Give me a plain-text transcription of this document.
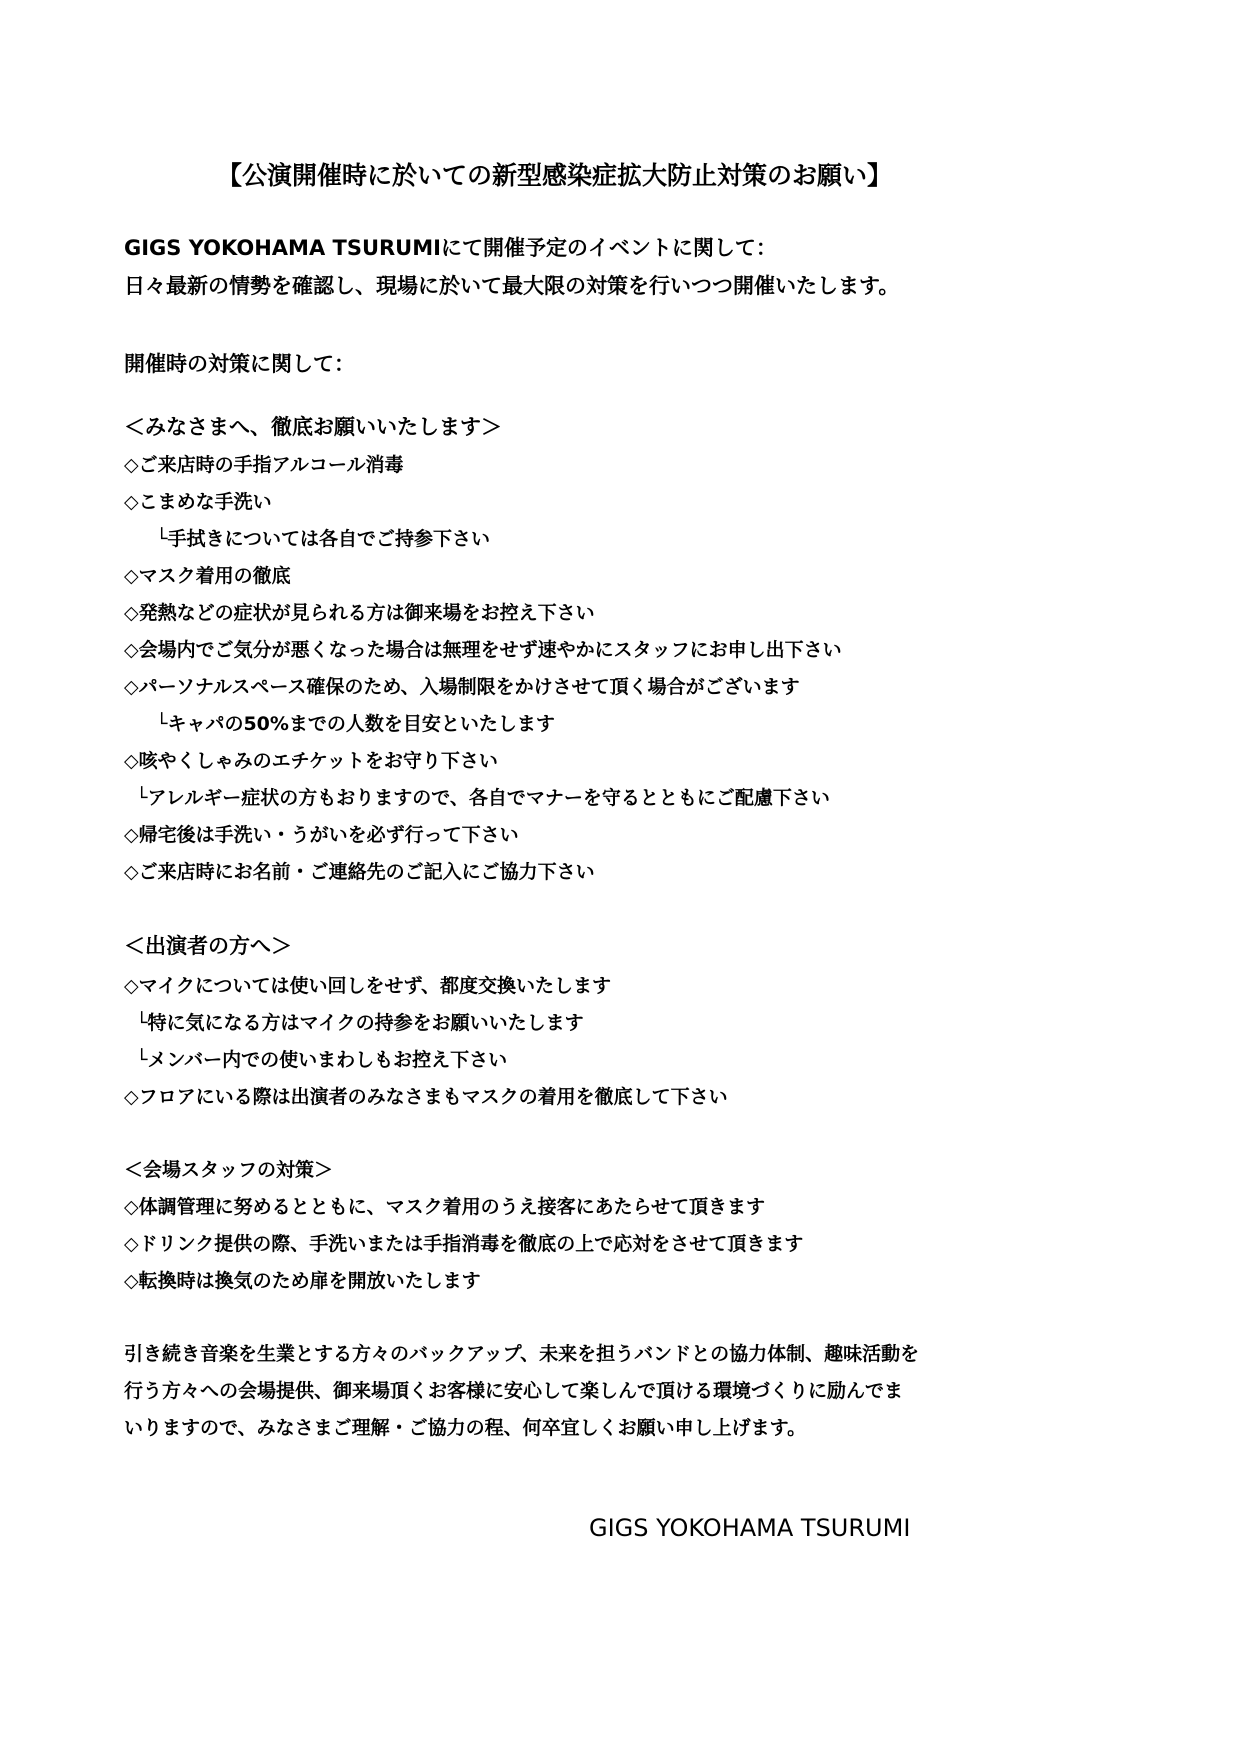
【公演開催時に於いての新型感染症拡大防止対策のお願い】
GIGS YOKOHAMA TSURUMIにて開催予定のイベントに関して：
日々最新の情勢を確認し、現場に於いて最大限の対策を行いつつ開催いたします。
開催時の対策に関して：
＜みなさまへ、徹底お願いいたします＞
◇ご来店時の手指アルコール消毒
◇こまめな手洗い
└手拭きについては各自でご持参下さい
◇マスク着用の徹底
◇発熱などの症状が見られる方は御来場をお控え下さい
◇会場内でご気分が悪くなった場合は無理をせず速やかにスタッフにお申し出下さい
◇パーソナルスペース確保のため、入場制限をかけさせて頂く場合がございます
└キャパの50%までの人数を目安といたします
◇咳やくしゃみのエチケットをお守り下さい
└アレルギー症状の方もおりますので、各自でマナーを守るとともにご配慮下さい
◇帰宅後は手洗い・うがいを必ず行って下さい
◇ご来店時にお名前・ご連絡先のご記入にご協力下さい
＜出演者の方へ＞
◇マイクについては使い回しをせず、都度交換いたします
└特に気になる方はマイクの持参をお願いいたします
└メンバー内での使いまわしもお控え下さい
◇フロアにいる際は出演者のみなさまもマスクの着用を徹底して下さい
＜会場スタッフの対策＞
◇体調管理に努めるとともに、マスク着用のうえ接客にあたらせて頂きます
◇ドリンク提供の際、手洗いまたは手指消毒を徹底の上で応対をさせて頂きます
◇転換時は換気のため扉を開放いたします
引き続き音楽を生業とする方々のバックアップ、未来を担うバンドとの協力体制、趣味活動を
行う方々への会場提供、御来場頂くお客様に安心して楽しんで頂ける環境づくりに励んでま
いりますので、みなさまご理解・ご協力の程、何卒宜しくお願い申し上げます。
GIGS YOKOHAMA TSURUMI
